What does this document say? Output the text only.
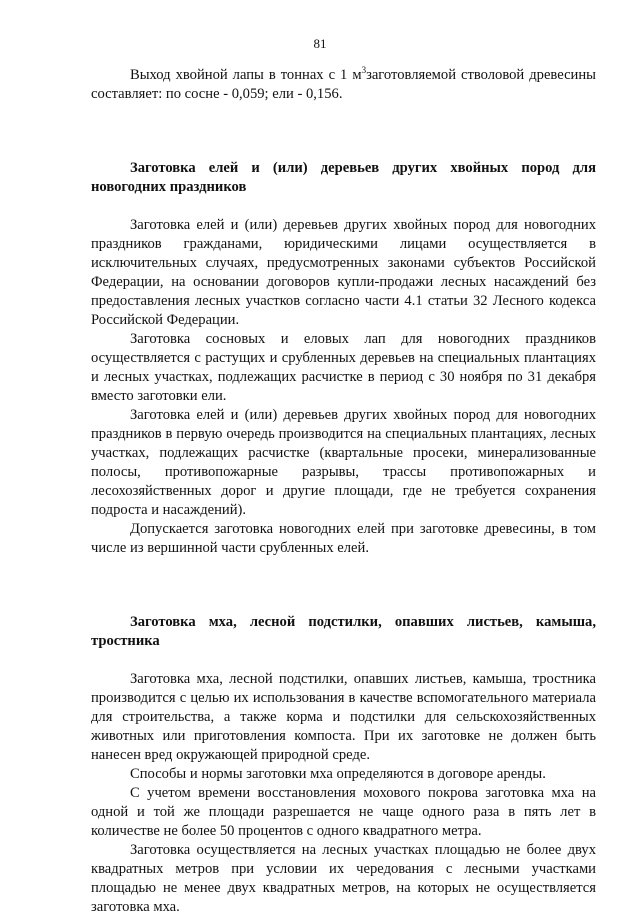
81

Выход хвойной лапы в тоннах с 1 $м^3заготовляемой$ стволовой древесины составляет: по сосне - 0,059; ели - 0,156.

Заготовка елей и (или) деревьев других хвойных пород для новогодних праздников

Заготовка елей и (или) деревьев других хвойных пород для новогодних праздников гражданами, юридическими лицами осуществляется в исключительных случаях, предусмотренных законами субъектов Российской Федерации, на основании договоров купли-продажи лесных насаждений без предоставления лесных участков согласно части 4.1 статьи 32 Лесного кодекса Российской Федерации.

Заготовка сосновых и еловых лап для новогодних праздников осуществляется с растущих и срубленных деревьев на специальных плантациях и лесных участках, подлежащих расчистке в период с 30 ноября по 31 декабря вместо заготовки ели.

Заготовка елей и (или) деревьев других хвойных пород для новогодних праздников в первую очередь производится на специальных плантациях, лесных участках, подлежащих расчистке (квартальные просеки, минерализованные полосы, противопожарные разрывы, трассы противопожарных и лесохозяйственных дорог и другие площади, где не требуется сохранения подроста и насаждений).

Допускается заготовка новогодних елей при заготовке древесины, в том числе из вершинной части срубленных елей.

Заготовка мха, лесной подстилки, опавших листьев, камыша, тростника

Заготовка мха, лесной подстилки, опавших листьев, камыша, тростника производится с целью их использования в качестве вспомогательного материала для строительства, а также корма и подстилки для сельскохозяйственных животных или приготовления компоста. При их заготовке не должен быть нанесен вред окружающей природной среде.

Способы и нормы заготовки мха определяются в договоре аренды.

С учетом времени восстановления мохового покрова заготовка мха на одной и той же площади разрешается не чаще одного раза в пять лет в количестве не более 50 процентов с одного квадратного метра.

Заготовка осуществляется на лесных участках площадью не более двух квадратных метров при условии их чередования с лесными участками площадью не менее двух квадратных метров, на которых не осуществляется заготовка мха.
